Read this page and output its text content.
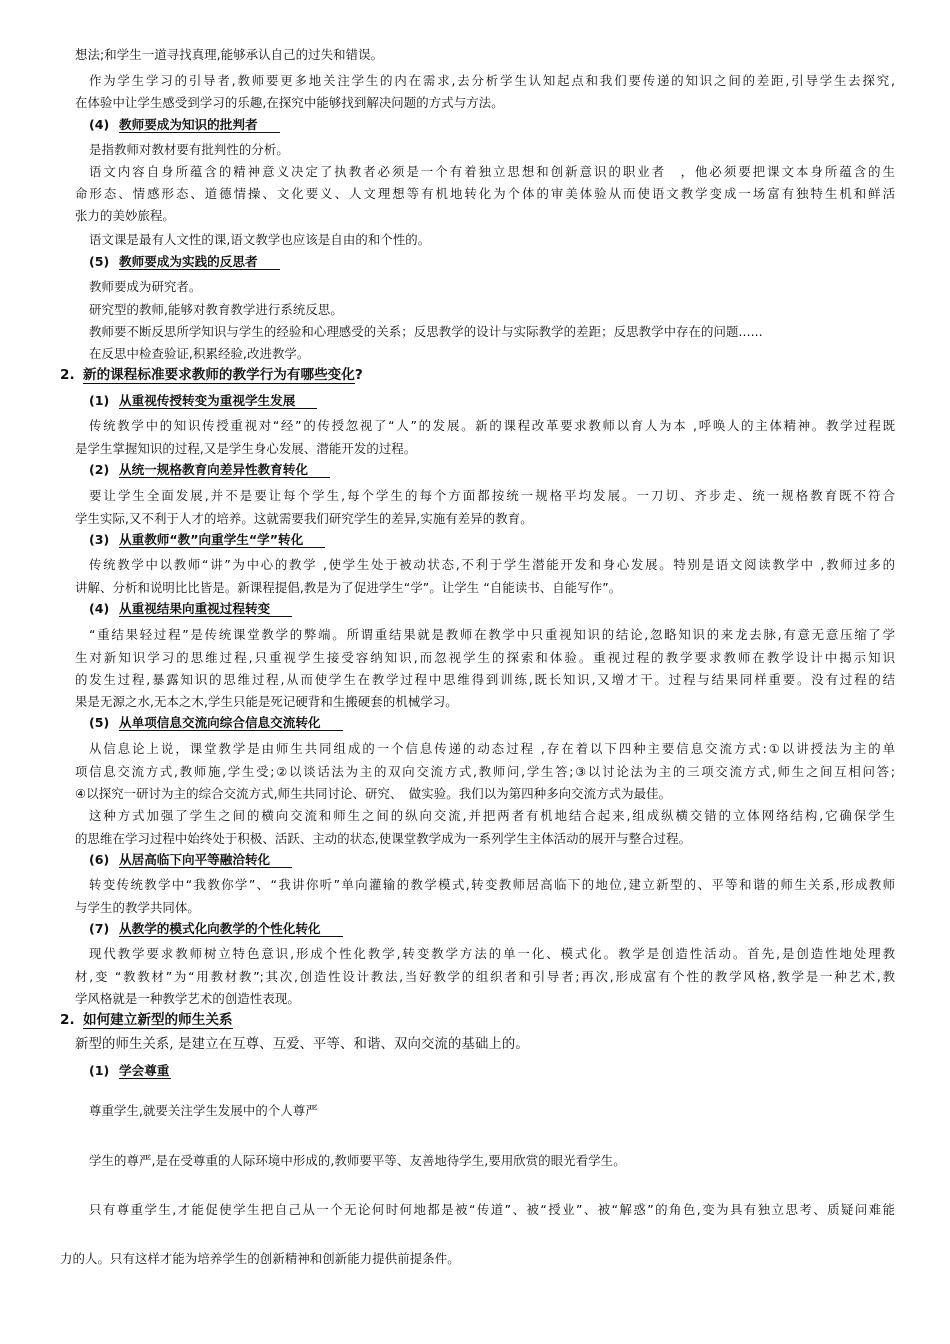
想法;和学生一道寻找真理,能够承认自己的过失和错误。
作为学生学习的引导者,教师要更多地关注学生的内在需求,去分析学生认知起点和我们要传递的知识之间的差距,引导学生去探究,
在体验中让学生感受到学习的乐趣,在探究中能够找到解决问题的方式与方法。
(4) 教师要成为知识的批判者
是指教师对教材要有批判性的分析。
语文内容自身所蕴含的精神意义决定了执教者必须是一个有着独立思想和创新意识的职业者　，他必须要把课文本身所蕴含的生
命形态、情感形态、道德情操、文化要义、人文理想等有机地转化为个体的审美体验从而使语文教学变成一场富有独特生机和鲜活
张力的美妙旅程。
语文课是最有人文性的课,语文教学也应该是自由的和个性的。
(5) 教师要成为实践的反思者
教师要成为研究者。
研究型的教师,能够对教育教学进行系统反思。
教师要不断反思所学知识与学生的经验和心理感受的关系；反思教学的设计与实际教学的差距；反思教学中存在的问题......
在反思中检查验证,积累经验,改进教学。
2. 新的课程标准要求教师的教学行为有哪些变化?
(1) 从重视传授转变为重视学生发展
传统教学中的知识传授重视对“经”的传授忽视了“人”的发展。新的课程改革要求教师以育人为本 ,呼唤人的主体精神。教学过程既
是学生掌握知识的过程,又是学生身心发展、潜能开发的过程。
(2) 从统一规格教育向差异性教育转化
要让学生全面发展,并不是要让每个学生,每个学生的每个方面都按统一规格平均发展。一刀切、齐步走、统一规格教育既不符合
学生实际,又不利于人才的培养。这就需要我们研究学生的差异,实施有差异的教育。
(3) 从重教师“教”向重学生“学”转化
传统教学中以教师“讲”为中心的教学 ,使学生处于被动状态,不利于学生潜能开发和身心发展。特别是语文阅读教学中 ,教师过多的
讲解、分析和说明比比皆是。新课程提倡,教是为了促进学生“学”。让学生 “自能读书、自能写作”。
(4) 从重视结果向重视过程转变
“重结果轻过程”是传统课堂教学的弊端。所谓重结果就是教师在教学中只重视知识的结论,忽略知识的来龙去脉,有意无意压缩了学
生对新知识学习的思维过程,只重视学生接受容纳知识,而忽视学生的探索和体验。重视过程的教学要求教师在教学设计中揭示知识
的发生过程,暴露知识的思维过程,从而使学生在教学过程中思维得到训练,既长知识,又增才干。过程与结果同样重要。没有过程的结
果是无源之水,无本之木,学生只能是死记硬背和生搬硬套的机械学习。
(5) 从单项信息交流向综合信息交流转化
从信息论上说，课堂教学是由师生共同组成的一个信息传递的动态过程 ,存在着以下四种主要信息交流方式:①以讲授法为主的单
项信息交流方式,教师施,学生受;②以谈话法为主的双向交流方式,教师问,学生答;③以讨论法为主的三项交流方式,师生之间互相问答;
④以探究一研讨为主的综合交流方式,师生共同讨论、研究、　做实验。我们以为第四种多向交流方式为最佳。
这种方式加强了学生之间的横向交流和师生之间的纵向交流,并把两者有机地结合起来,组成纵横交错的立体网络结构,它确保学生
的思维在学习过程中始终处于积极、活跃、主动的状态,使课堂教学成为一系列学生主体活动的展开与整合过程。
(6) 从居高临下向平等融洽转化
转变传统教学中“我教你学”、“我讲你听”单向灌输的教学模式,转变教师居高临下的地位,建立新型的、平等和谐的师生关系,形成教师
与学生的教学共同体。
(7) 从教学的模式化向教学的个性化转化
现代教学要求教师树立特色意识,形成个性化教学,转变教学方法的单一化、模式化。教学是创造性活动。首先,是创造性地处理教
材,变 “教教材”为“用教材教”;其次,创造性设计教法,当好教学的组织者和引导者;再次,形成富有个性的教学风格,教学是一种艺术,教
学风格就是一种教学艺术的创造性表现。
2. 如何建立新型的师生关系
新型的师生关系, 是建立在互尊、互爱、平等、和谐、双向交流的基础上的。
(1) 学会尊重
尊重学生,就要关注学生发展中的个人尊严
学生的尊严,是在受尊重的人际环境中形成的,教师要平等、友善地待学生,要用欣赏的眼光看学生。
只有尊重学生,才能促使学生把自己从一个无论何时何地都是被“传道”、被“授业”、被“解惑”的角色,变为具有独立思考、质疑问难能
力的人。只有这样才能为培养学生的创新精神和创新能力提供前提条件。
